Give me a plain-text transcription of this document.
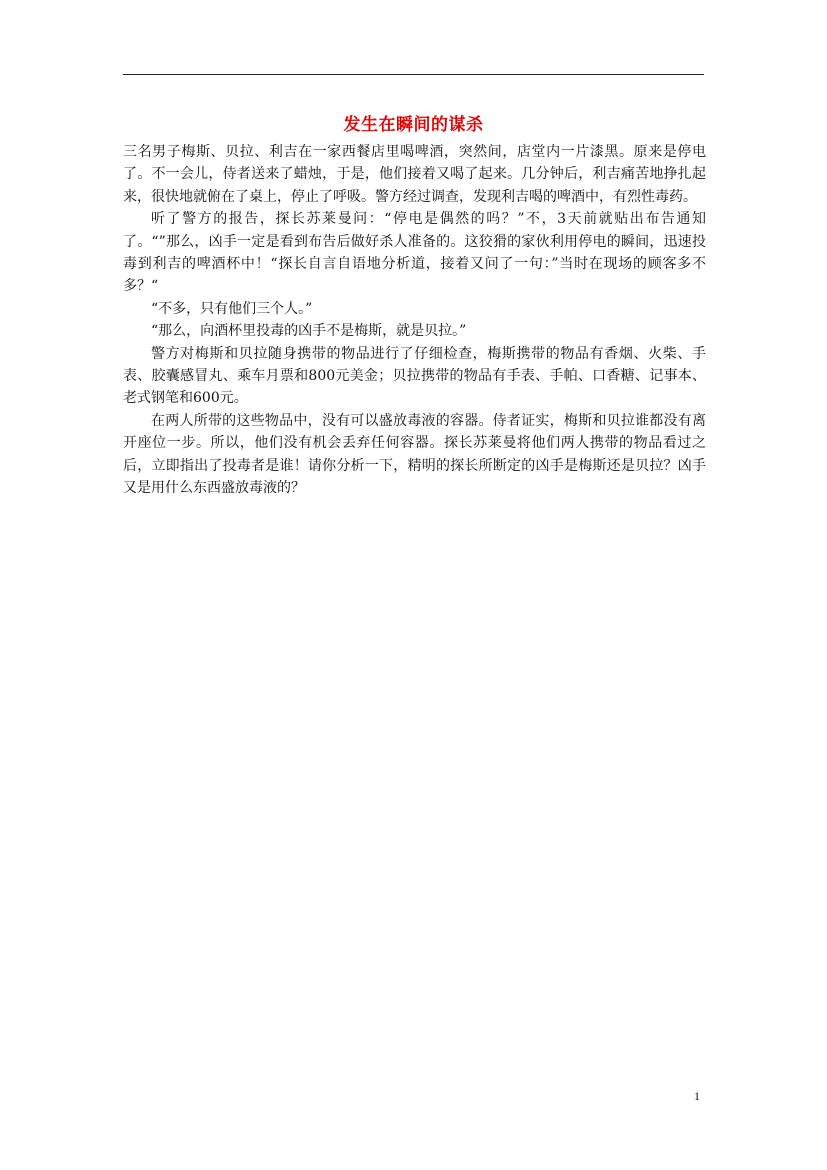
发生在瞬间的谋杀

三名男子梅斯、贝拉、利吉在一家西餐店里喝啤酒，突然间，店堂内一片漆黑。原来是停电了。不一会儿，侍者送来了蜡烛，于是，他们接着又喝了起来。几分钟后，利吉痛苦地挣扎起来，很快地就俯在了桌上，停止了呼吸。警方经过调查，发现利吉喝的啤酒中，有烈性毒药。

听了警方的报告，探长苏莱曼问：“停电是偶然的吗？”不，3天前就贴出布告通知了。“”那么，凶手一定是看到布告后做好杀人准备的。这狡猾的家伙利用停电的瞬间，迅速投毒到利吉的啤酒杯中！“探长自言自语地分析道，接着又问了一句：”当时在现场的顾客多不多？“

“不多，只有他们三个人。”

“那么，向酒杯里投毒的凶手不是梅斯，就是贝拉。”

警方对梅斯和贝拉随身携带的物品进行了仔细检查，梅斯携带的物品有香烟、火柴、手表、胶囊感冒丸、乘车月票和800元美金；贝拉携带的物品有手表、手帕、口香糖、记事本、老式钢笔和600元。

在两人所带的这些物品中，没有可以盛放毒液的容器。侍者证实，梅斯和贝拉谁都没有离开座位一步。所以，他们没有机会丢弃任何容器。探长苏莱曼将他们两人携带的物品看过之后，立即指出了投毒者是谁！请你分析一下，精明的探长所断定的凶手是梅斯还是贝拉？凶手又是用什么东西盛放毒液的？

1
